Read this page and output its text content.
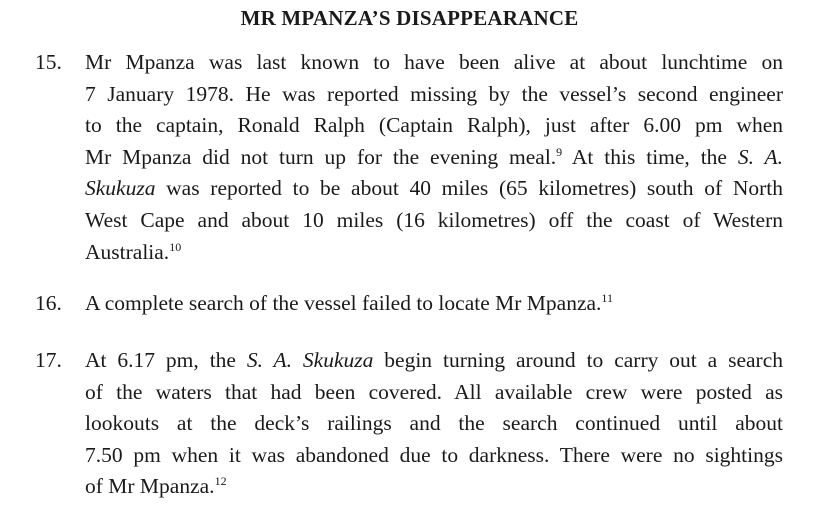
MR MPANZA’S DISAPPEARANCE
15. Mr Mpanza was last known to have been alive at about lunchtime on
7 January 1978. He was reported missing by the vessel’s second engineer
to the captain, Ronald Ralph (Captain Ralph), just after 6.00 pm when
Mr Mpanza did not turn up for the evening meal.$^9$ At this time, the S. A.
Skukuza was reported to be about 40 miles (65 kilometres) south of North
West Cape and about 10 miles (16 kilometres) off the coast of Western
Australia.$^{10}$
16. A complete search of the vessel failed to locate Mr Mpanza.$^{11}$
17. At 6.17 pm, the S. A. Skukuza begin turning around to carry out a search
of the waters that had been covered. All available crew were posted as
lookouts at the deck’s railings and the search continued until about
7.50 pm when it was abandoned due to darkness. There were no sightings
of Mr Mpanza.$^{12}$
